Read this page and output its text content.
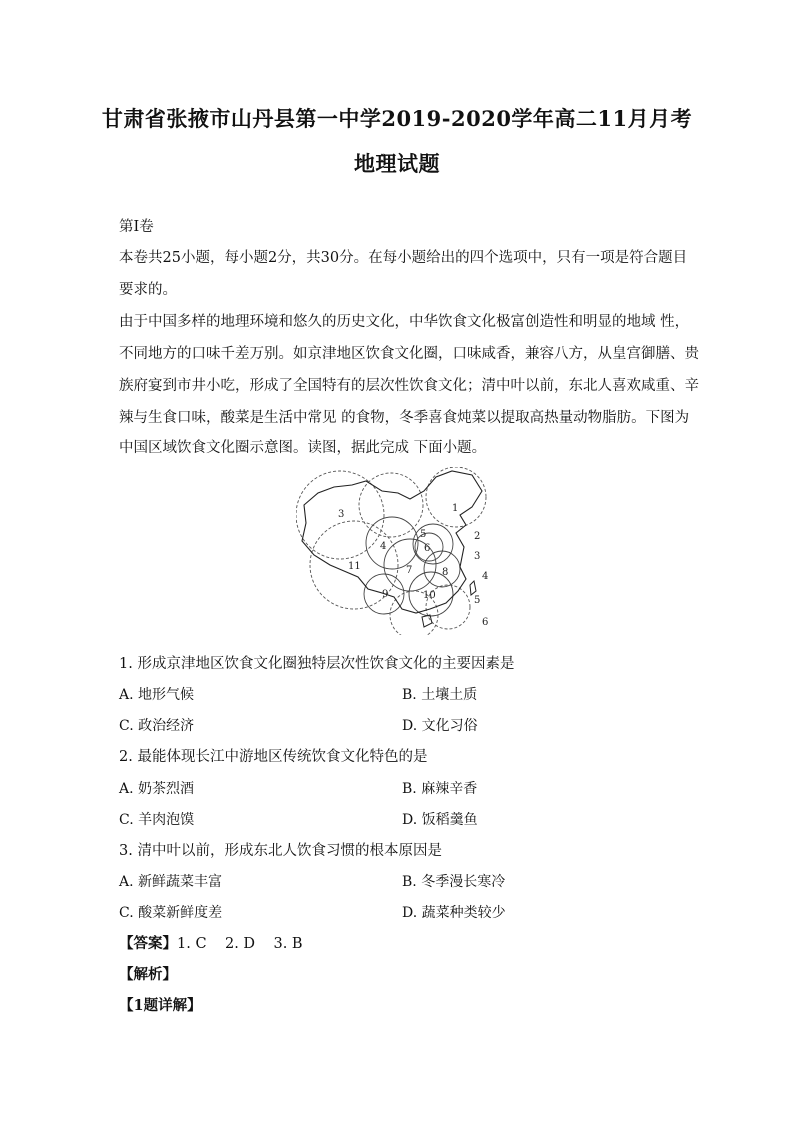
甘肃省张掖市山丹县第一中学2019-2020学年高二11月月考
地理试题
第I卷
本卷共25小题，每小题2分，共30分。在每小题给出的四个选项中，只有一项是符合题目
要求的。
由于中国多样的地理环境和悠久的历史文化，中华饮食文化极富创造性和明显的地域 性，
不同地方的口味千差万别。如京津地区饮食文化圈，口味咸香，兼容八方，从皇宫御膳、贵
族府宴到市井小吃，形成了全国特有的层次性饮食文化；清中叶以前，东北人喜欢咸重、辛
辣与生食口味，酸菜是生活中常见 的食物，冬季喜食炖菜以提取高热量动物脂肪。下图为
中国区域饮食文化圈示意图。读图，据此完成 下面小题。
1
2
3
4
5
6
7	8
9	10
11
3
4
5
6
1. 形成京津地区饮食文化圈独特层次性饮食文化的主要因素是
A. 地形气候	B. 土壤土质
C. 政治经济	D. 文化习俗
2. 最能体现长江中游地区传统饮食文化特色的是
A. 奶茶烈酒	B. 麻辣辛香
C. 羊肉泡馍	D. 饭稻羹鱼
3. 清中叶以前，形成东北人饮食习惯的根本原因是
A. 新鲜蔬菜丰富	B. 冬季漫长寒冷
C. 酸菜新鲜度差	D. 蔬菜种类较少
【答案】1. C    2. D    3. B
【解析】
【1题详解】
